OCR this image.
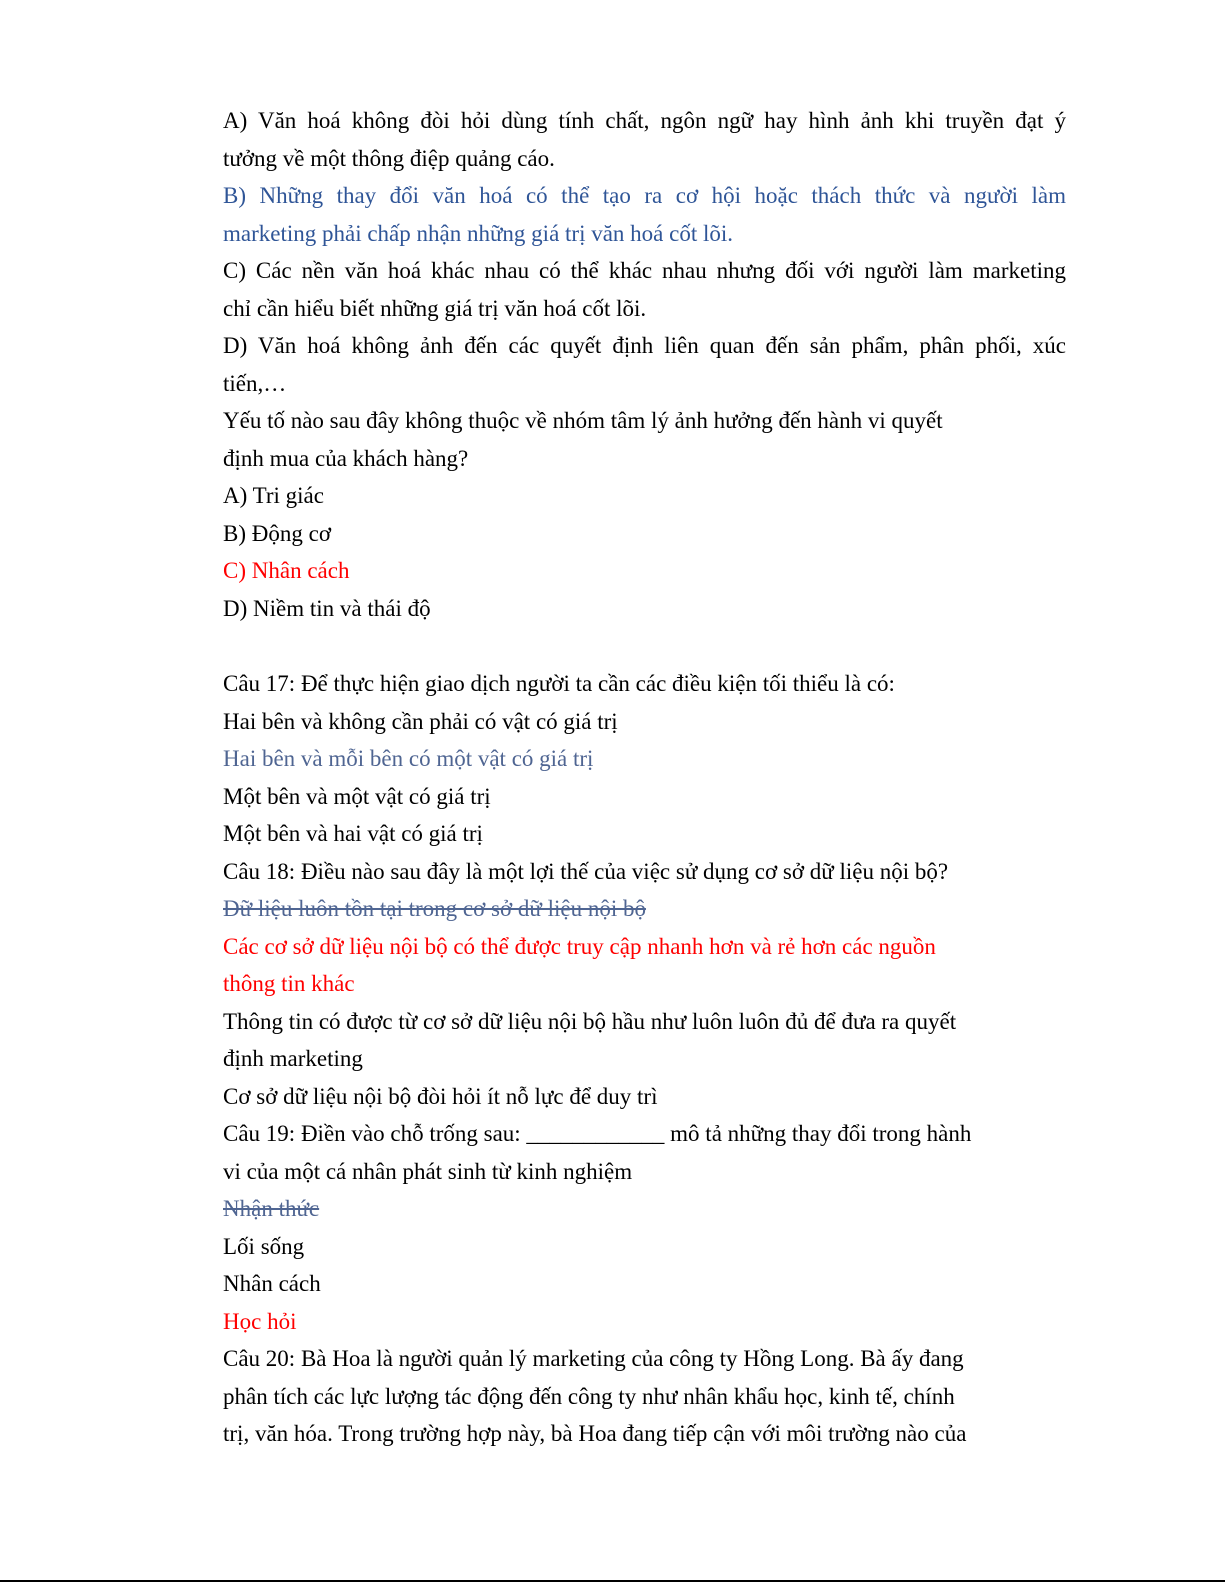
A) Văn hoá không đòi hỏi dùng tính chất, ngôn ngữ hay hình ảnh khi truyền đạt ý
tưởng về một thông điệp quảng cáo.
B) Những thay đổi văn hoá có thể tạo ra cơ hội hoặc thách thức và người làm
marketing phải chấp nhận những giá trị văn hoá cốt lõi.
C) Các nền văn hoá khác nhau có thể khác nhau nhưng đối với người làm marketing
chỉ cần hiểu biết những giá trị văn hoá cốt lõi.
D) Văn hoá không ảnh đến các quyết định liên quan đến sản phẩm, phân phối, xúc
tiến,…
Yếu tố nào sau đây không thuộc về nhóm tâm lý ảnh hưởng đến hành vi quyết
định mua của khách hàng?
A) Tri giác
B) Động cơ
C) Nhân cách
D) Niềm tin và thái độ
Câu 17: Để thực hiện giao dịch người ta cần các điều kiện tối thiểu là có:
Hai bên và không cần phải có vật có giá trị
Hai bên và mỗi bên có một vật có giá trị
Một bên và một vật có giá trị
Một bên và hai vật có giá trị
Câu 18: Điều nào sau đây là một lợi thế của việc sử dụng cơ sở dữ liệu nội bộ?
Dữ liệu luôn tồn tại trong cơ sở dữ liệu nội bộ
Các cơ sở dữ liệu nội bộ có thể được truy cập nhanh hơn và rẻ hơn các nguồn
thông tin khác
Thông tin có được từ cơ sở dữ liệu nội bộ hầu như luôn luôn đủ để đưa ra quyết
định marketing
Cơ sở dữ liệu nội bộ đòi hỏi ít nỗ lực để duy trì
Câu 19: Điền vào chỗ trống sau: ____________ mô tả những thay đổi trong hành
vi của một cá nhân phát sinh từ kinh nghiệm
Nhận thức
Lối sống
Nhân cách
Học hỏi
Câu 20: Bà Hoa là người quản lý marketing của công ty Hồng Long. Bà ấy đang
phân tích các lực lượng tác động đến công ty như nhân khẩu học, kinh tế, chính
trị, văn hóa. Trong trường hợp này, bà Hoa đang tiếp cận với môi trường nào của
